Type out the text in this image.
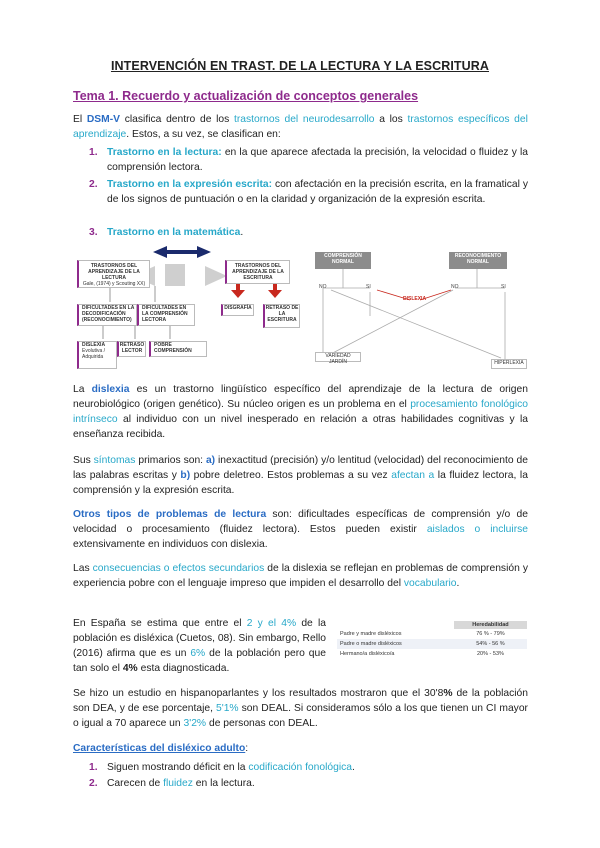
INTERVENCIÓN EN TRAST. DE LA LECTURA Y LA ESCRITURA
Tema 1. Recuerdo y actualización de conceptos generales

El DSM-V clasifica dentro de los trastornos del neurodesarrollo a los trastornos específicos del aprendizaje. Estos, a su vez, se clasifican en:

1. Trastorno en la lectura: en la que aparece afectada la precisión, la velocidad o fluidez y la comprensión lectora.
2. Trastorno en la expresión escrita: con afectación en la precisión escrita, en la framatical y de los signos de puntuación o en la claridad y organización de la expresión escrita.
3. Trastorno en la matemática.
TRASTORNOS DEL APRENDIZAJE DE LA LECTURA
Gale, (1974) y Scouting XX)
TRASTORNOS DEL APRENDIZAJE DE LA ESCRITURA
DIFICULTADES EN LA DECODIFICACIÓN (RECONOCIMIENTO)
DIFICULTADES EN LA COMPRENSIÓN LECTORA
DISLEXIA
Evolutiva / Adquirida
RETRASO LECTOR
POBRE COMPRENSIÓN
DISGRAFÍA	RETRASO DE LA ESCRITURA
COMPRENSIÓN NORMAL
RECONOCIMIENTO NORMAL
NO	SI	NO	SI
DISLEXIA
VARIEDAD JARDÍN	HIPERLEXIA

La dislexia es un trastorno lingüístico específico del aprendizaje de la lectura de origen neurobiológico (origen genético). Su núcleo origen es un problema en el procesamiento fonológico intrínseco al individuo con un nivel inesperado en relación a otras habilidades cognitivas y la enseñanza recibida.

Sus síntomas primarios son: a) inexactitud (precisión) y/o lentitud (velocidad) del reconocimiento de las palabras escritas y b) pobre deletreo. Estos problemas a su vez afectan a la fluidez lectora, la comprensión y la expresión escrita.

Otros tipos de problemas de lectura son: dificultades específicas de comprensión y/o de velocidad o procesamiento (fluidez lectora). Estos pueden existir aislados o incluirse extensivamente en individuos con dislexia.

Las consecuencias o efectos secundarios de la dislexia se reflejan en problemas de comprensión y experiencia pobre con el lenguaje impreso que impiden el desarrollo del vocabulario.

En España se estima que entre el 2 y el 4% de la población es disléxica (Cuetos, 08). Sin embargo, Rello (2016) afirma que es un 6% de la población pero que tan solo el 4% esta diagnosticada.

	Heredabilidad
Padre y madre disléxicos	76 % - 79%
Padre o madre disléxicos	54% - 56 %
Hermano/a disléxico/a	20% - 53%

Se hizo un estudio en hispanoparlantes y los resultados mostraron que el 30'8% de la población son DEA, y de ese porcentaje, 5'1% son DEAL. Si consideramos sólo a los que tienen un CI mayor o igual a 70 aparece un 3'2% de personas con DEAL.

Características del disléxico adulto:
1. Siguen mostrando déficit en la codificación fonológica.
2. Carecen de fluidez en la lectura.
